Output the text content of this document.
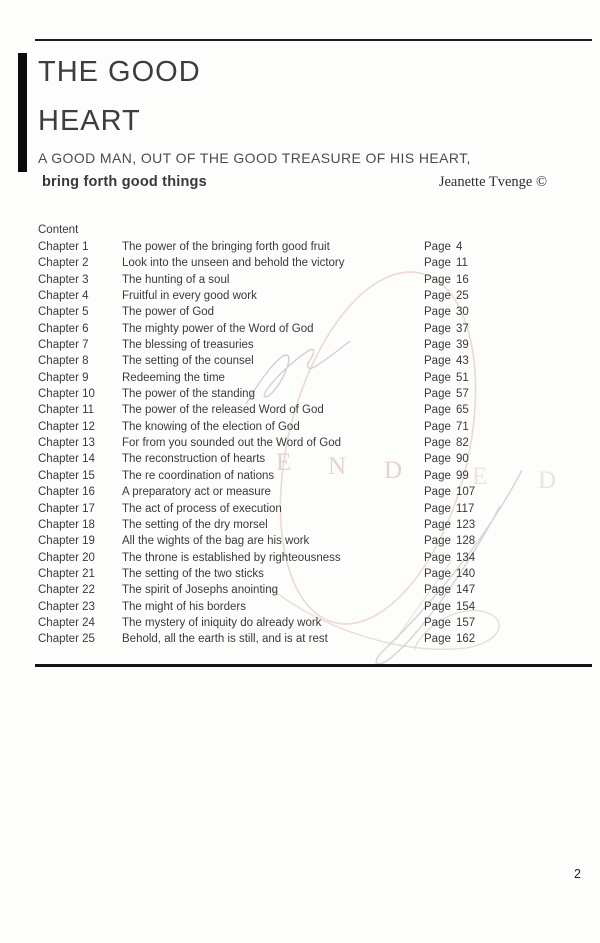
E N D	E D
THE GOOD
HEART
A GOOD MAN, OUT OF THE GOOD TREASURE OF HIS HEART,
bring forth good things	Jeanette Tvenge ©
Content
Chapter 1	The power of the bringing forth good fruit	Page 4
Chapter 2	Look into the unseen and behold the victory	Page 11
Chapter 3	The hunting of a soul	Page 16
Chapter 4	Fruitful in every good work	Page 25
Chapter 5	The power of God	Page 30
Chapter 6	The mighty power of the Word of God	Page 37
Chapter 7	The blessing of treasuries	Page 39
Chapter 8	The setting of the counsel	Page 43
Chapter 9	Redeeming the time	Page 51
Chapter 10	The power of the standing	Page 57
Chapter 11	The power of the released Word of God	Page 65
Chapter 12	The knowing of the election of God	Page 71
Chapter 13	For from you sounded out the Word of God	Page 82
Chapter 14	The reconstruction of hearts	Page 90
Chapter 15	The re coordination of nations	Page 99
Chapter 16	A preparatory act or measure	Page 107
Chapter 17	The act of process of execution	Page 117
Chapter 18	The setting of the dry morsel	Page 123
Chapter 19	All the wights of the bag are his work	Page 128
Chapter 20	The throne is established by righteousness	Page 134
Chapter 21	The setting of the two sticks	Page 140
Chapter 22	The spirit of Josephs anointing	Page 147
Chapter 23	The might of his borders	Page 154
Chapter 24	The mystery of iniquity do already work	Page 157
Chapter 25	Behold, all the earth is still, and is at rest	Page 162
2
